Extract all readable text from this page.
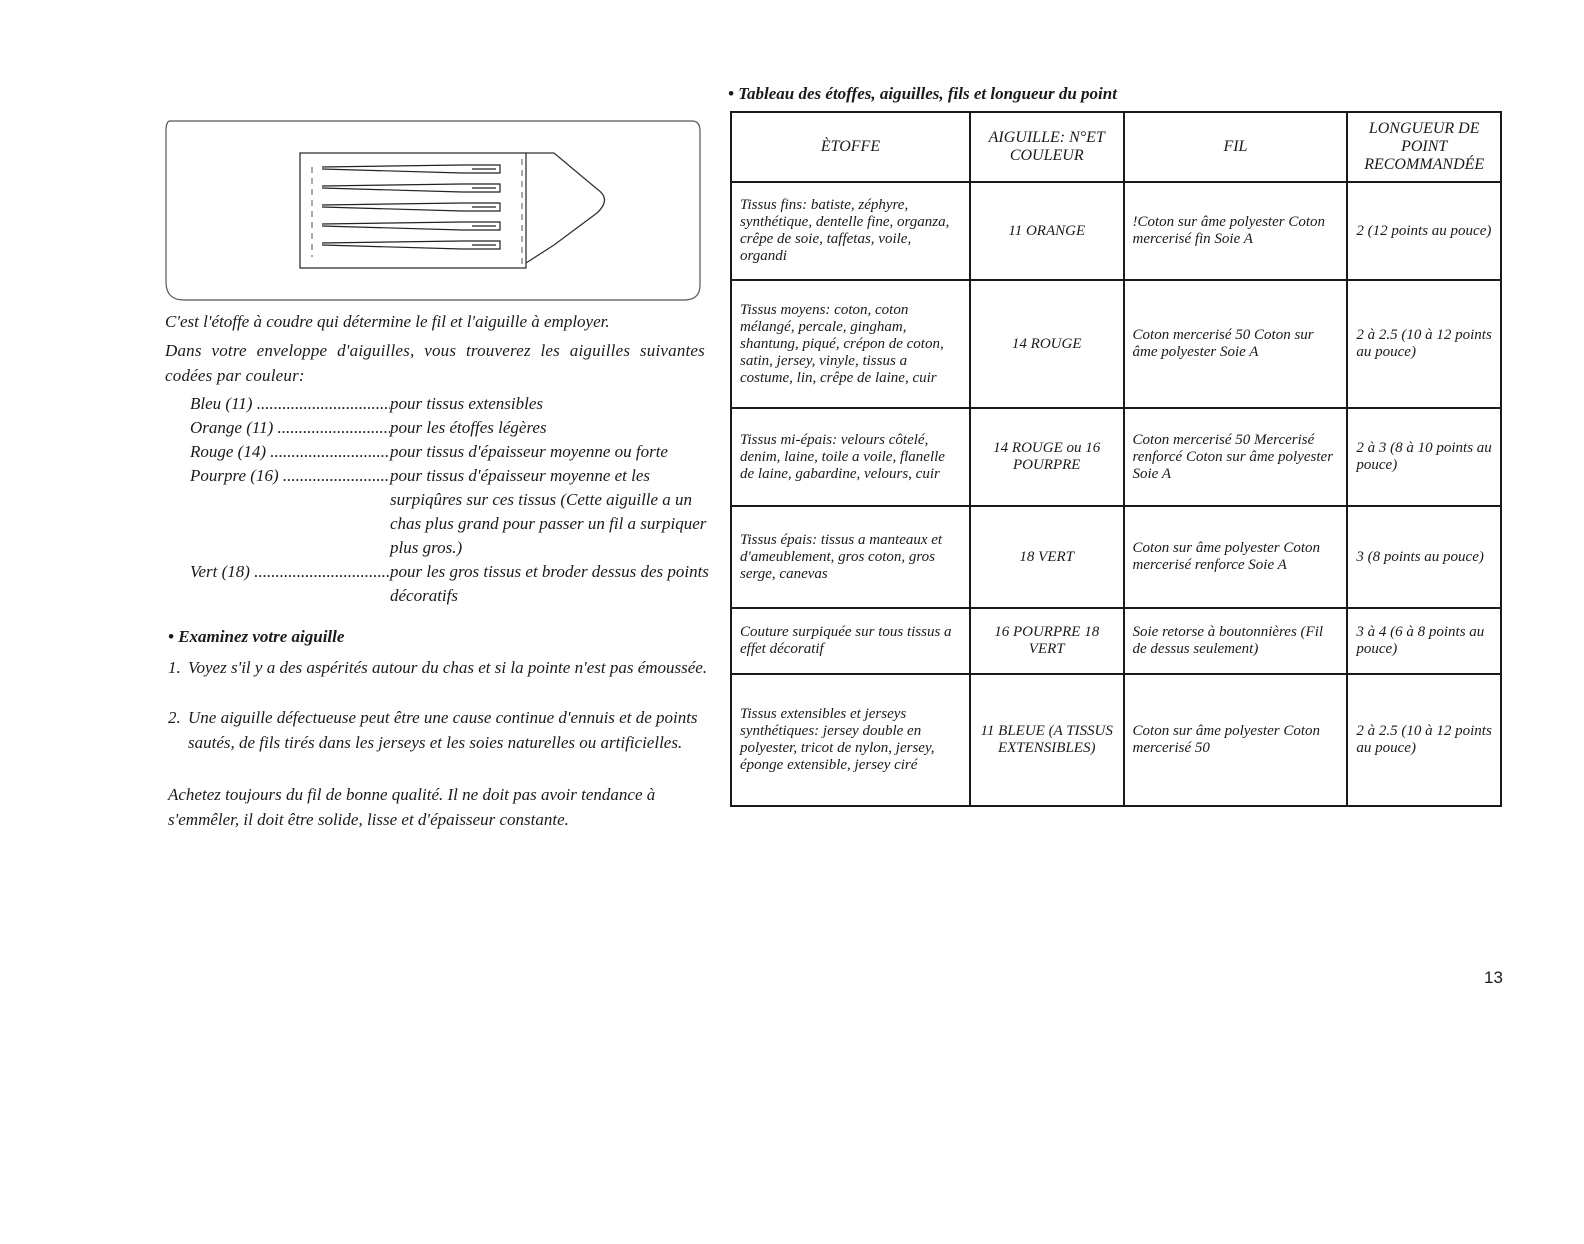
C'est l'étoffe à coudre qui détermine le fil et l'aiguille à employer.
Dans votre enveloppe d'aiguilles, vous trouverez les aiguilles suivantes codées par couleur:
Bleu (11) .....	pour tissus extensibles
Orange (11) .....	pour les étoffes légères
Rouge (14) .....	pour tissus d'épaisseur moyenne ou forte
Pourpre (16) .....	pour tissus d'épaisseur moyenne et les surpiqûres sur ces tissus (Cette aiguille a un chas plus grand pour passer un fil a surpiquer plus gros.)
Vert (18) .....	pour les gros tissus et broder dessus des points décoratifs
• Examinez votre aiguille
1. Voyez s'il y a des aspérités autour du chas et si la pointe n'est pas émoussée.
2. Une aiguille défectueuse peut être une cause continue d'ennuis et de points sautés, de fils tirés dans les jerseys et les soies naturelles ou artificielles.
Achetez toujours du fil de bonne qualité. Il ne doit pas avoir tendance à s'emmêler, il doit être solide, lisse et d'épaisseur constante.
• Tableau des étoffes, aiguilles, fils et longueur du point
ÈTOFFE	AIGUILLE: N°ET COULEUR	FIL	LONGUEUR DE POINT RECOMMANDÉE
Tissus fins: batiste, zéphyre, synthétique, dentelle fine, organza, crêpe de soie, taffetas, voile, organdi	11 ORANGE	!Coton sur âme polyester Coton mercerisé fin Soie A	2 (12 points au pouce)
Tissus moyens: coton, coton mélangé, percale, gingham, shantung, piqué, crépon de coton, satin, jersey, vinyle, tissus a costume, lin, crêpe de laine, cuir	14 ROUGE	Coton mercerisé 50 Coton sur âme polyester Soie A	2 à 2.5 (10 à 12 points au pouce)
Tissus mi-épais: velours côtelé, denim, laine, toile a voile, flanelle de laine, gabardine, velours, cuir	14 ROUGE ou 16 POURPRE	Coton mercerisé 50 Mercerisé renforcé Coton sur âme polyester Soie A	2 à 3 (8 à 10 points au pouce)
Tissus épais: tissus a manteaux et d'ameublement, gros coton, gros serge, canevas	18 VERT	Coton sur âme polyester Coton mercerisé renforce Soie A	3 (8 points au pouce)
Couture surpiquée sur tous tissus a effet décoratif	16 POURPRE 18 VERT	Soie retorse à boutonnières (Fil de dessus seulement)	3 à 4 (6 à 8 points au pouce)
Tissus extensibles et jerseys synthétiques: jersey double en polyester, tricot de nylon, jersey, éponge extensible, jersey ciré	11 BLEUE (A TISSUS EXTENSIBLES)	Coton sur âme polyester Coton mercerisé 50	2 à 2.5 (10 à 12 points au pouce)
13
